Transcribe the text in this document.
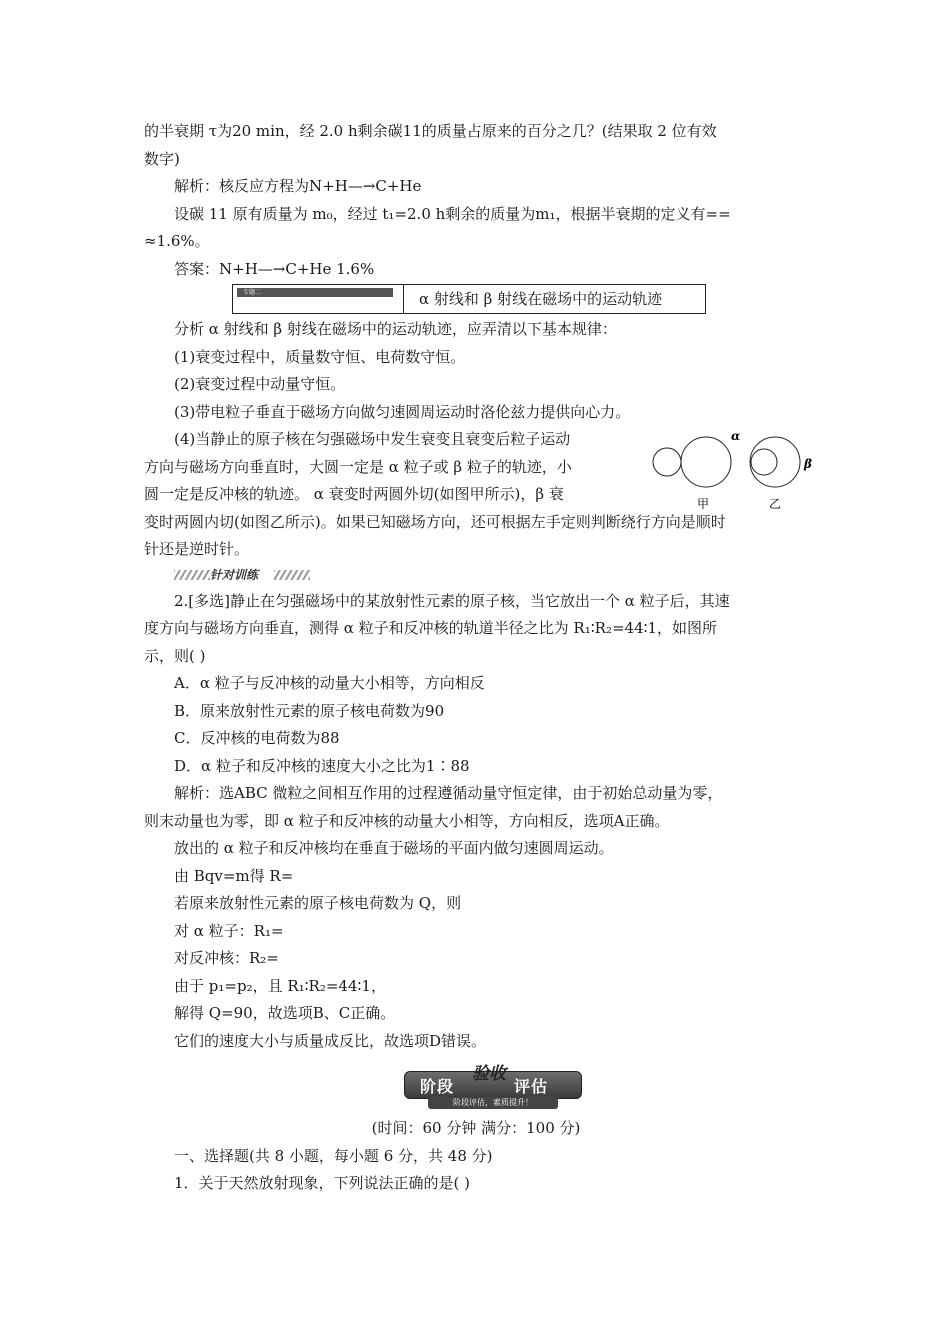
的半衰期 τ为20 min，经 2.0 h剩余碳11的质量占原来的百分之几？(结果取 2 位有效
数字)
解析：核反应方程为N+H—→C+He
设碳 11 原有质量为 m₀，经过 t₁=2.0 h剩余的质量为m₁，根据半衰期的定义有==
≈1.6%。
答案：N+H—→C+He 1.6%
专题二	α 射线和 β 射线在磁场中的运动轨迹
分析 α 射线和 β 射线在磁场中的运动轨迹，应弄清以下基本规律：
(1)衰变过程中，质量数守恒、电荷数守恒。
(2)衰变过程中动量守恒。
(3)带电粒子垂直于磁场方向做匀速圆周运动时洛伦兹力提供向心力。
α
甲
β
乙
(4)当静止的原子核在匀强磁场中发生衰变且衰变后粒子运动
方向与磁场方向垂直时，大圆一定是 α 粒子或 β 粒子的轨迹，小
圆一定是反冲核的轨迹。 α 衰变时两圆外切(如图甲所示)，β 衰
变时两圆内切(如图乙所示)。如果已知磁场方向，还可根据左手定则判断绕行方向是顺时
针还是逆时针。
针对训练
2.[多选]静止在匀强磁场中的某放射性元素的原子核，当它放出一个 α 粒子后，其速
度方向与磁场方向垂直，测得 α 粒子和反冲核的轨道半径之比为 R₁∶R₂=44∶1，如图所
示，则( )
A．α 粒子与反冲核的动量大小相等，方向相反
B．原来放射性元素的原子核电荷数为90
C．反冲核的电荷数为88
D．α 粒子和反冲核的速度大小之比为1∶88
解析：选ABC 微粒之间相互作用的过程遵循动量守恒定律，由于初始总动量为零，
则末动量也为零，即 α 粒子和反冲核的动量大小相等，方向相反，选项A正确。
放出的 α 粒子和反冲核均在垂直于磁场的平面内做匀速圆周运动。
由 Bqv=m得 R=
若原来放射性元素的原子核电荷数为 Q，则
对 α 粒子：R₁=
对反冲核：R₂=
由于 p₁=p₂，且 R₁∶R₂=44∶1，
解得 Q=90，故选项B、C正确。
它们的速度大小与质量成反比，故选项D错误。
阶段
验收
评估
阶段评估，素质提升！
(时间：60 分钟 满分：100 分)
一、选择题(共 8 小题，每小题 6 分，共 48 分)
1．关于天然放射现象，下列说法正确的是( )
